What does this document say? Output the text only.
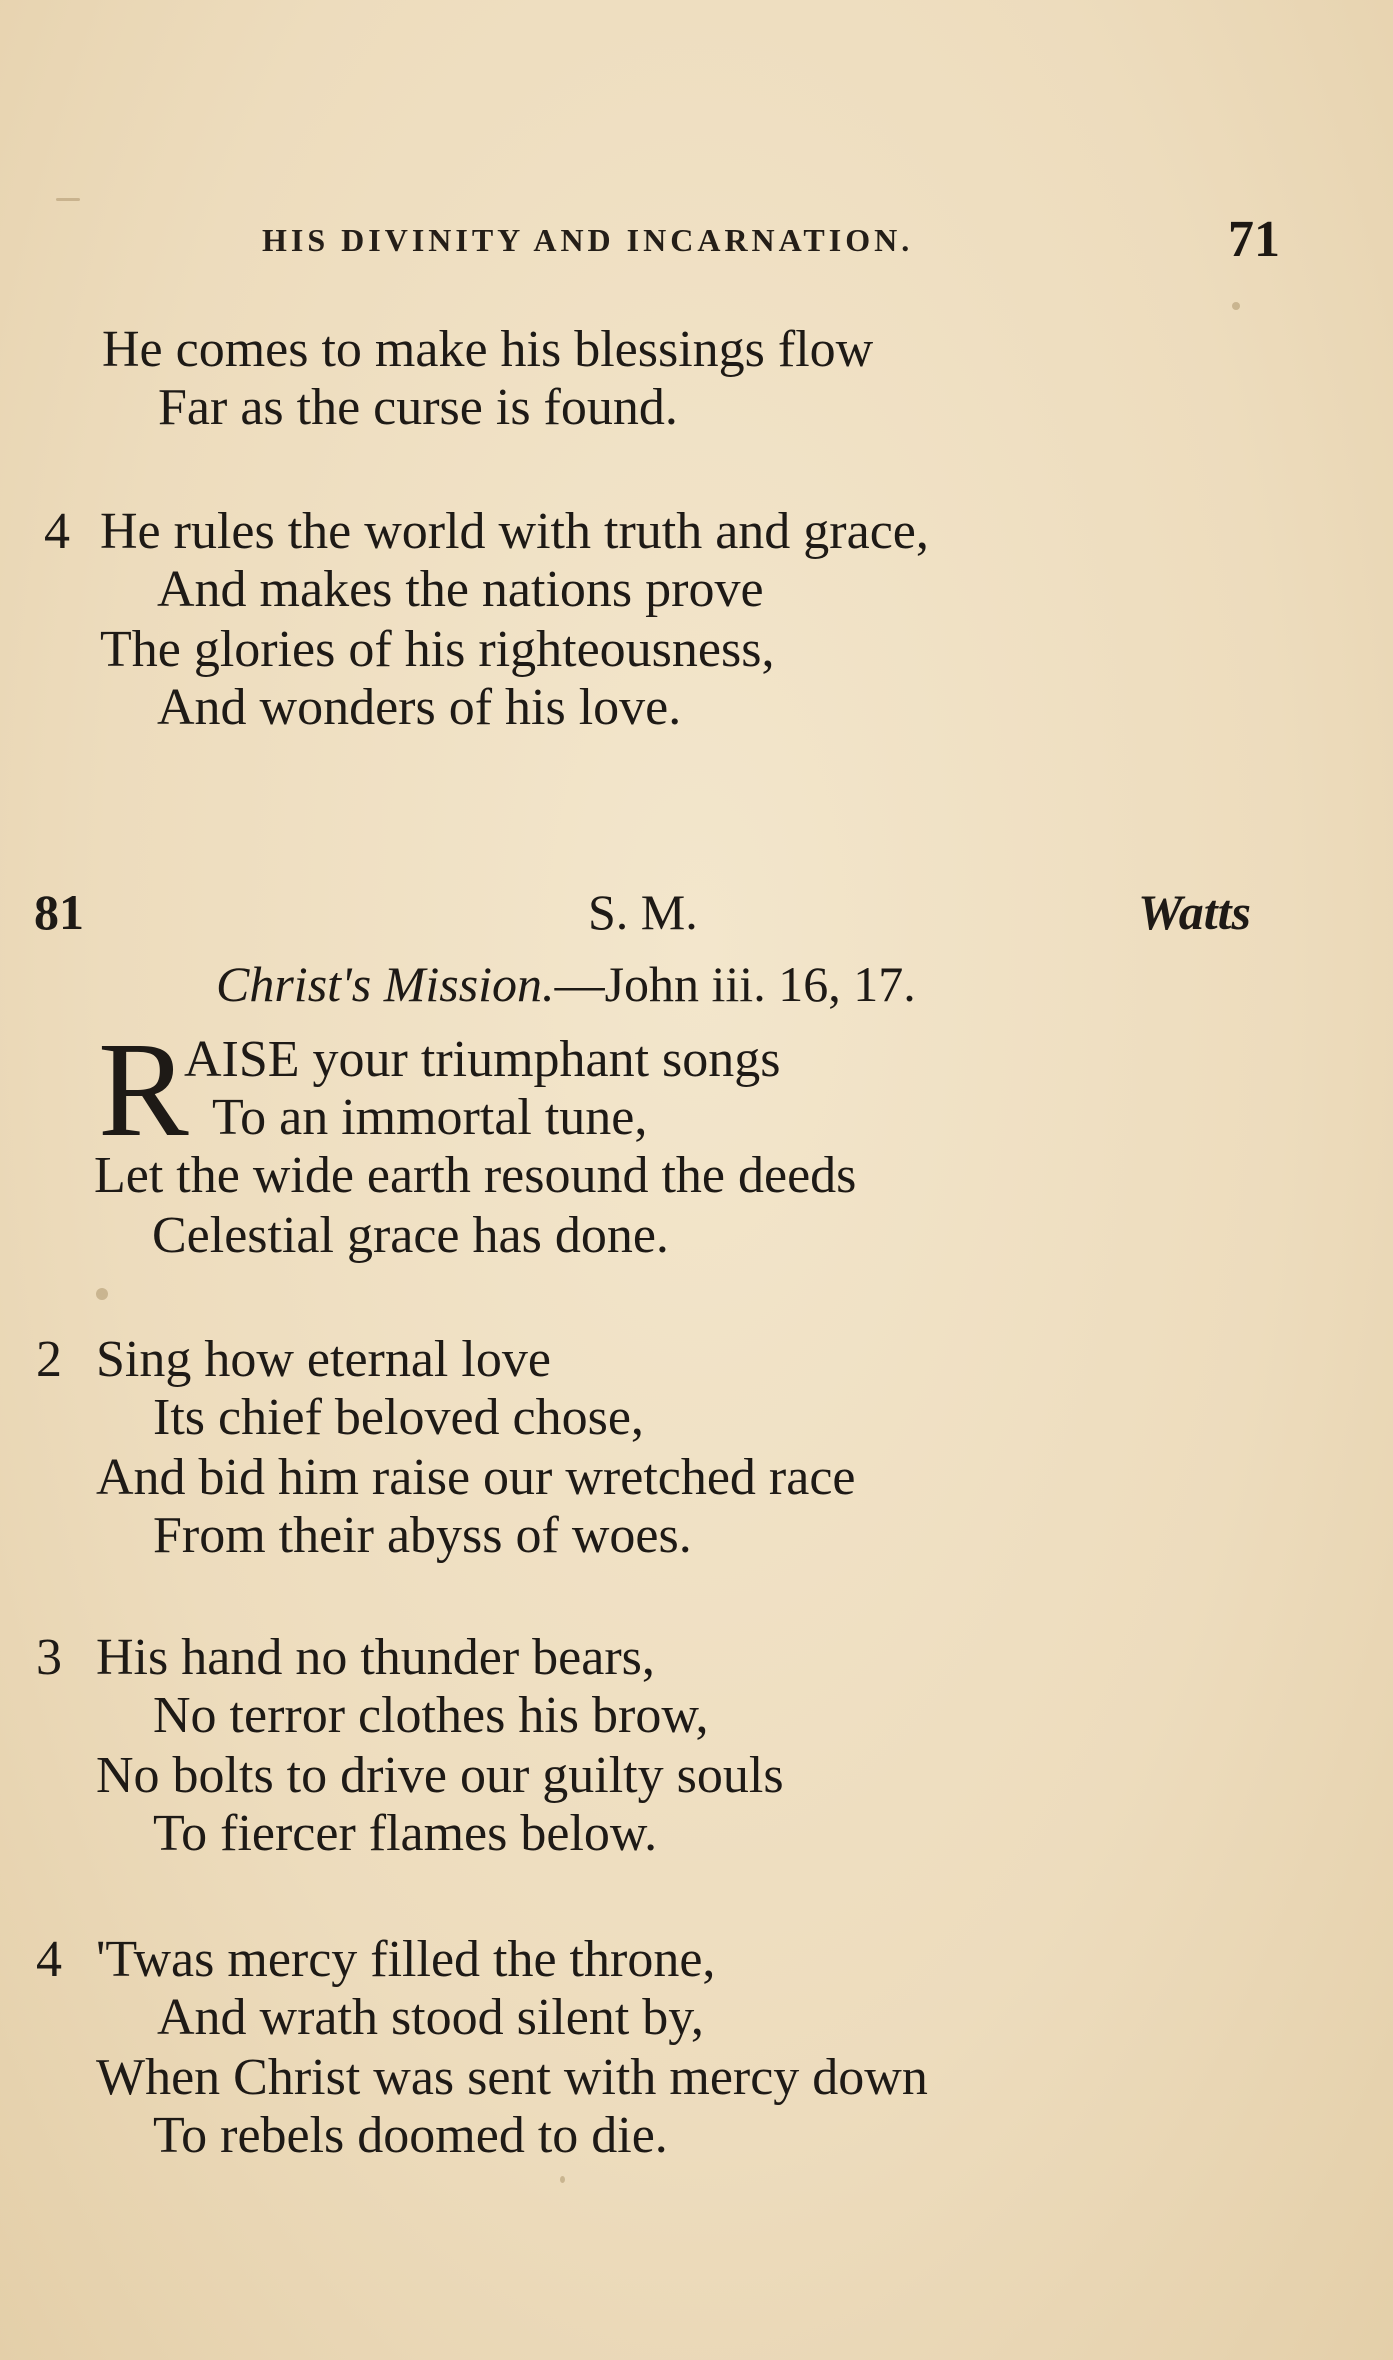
HIS DIVINITY AND INCARNATION.	71
He comes to make his blessings flow
Far as the curse is found.
4 He rules the world with truth and grace,
And makes the nations prove
The glories of his righteousness,
And wonders of his love.
81	S. M.	Watts
Christ's Mission.—John iii. 16, 17.
R
AISE your triumphant songs
To an immortal tune,
Let the wide earth resound the deeds
Celestial grace has done.
2 Sing how eternal love
Its chief beloved chose,
And bid him raise our wretched race
From their abyss of woes.
3 His hand no thunder bears,
No terror clothes his brow,
No bolts to drive our guilty souls
To fiercer flames below.
4 'Twas mercy filled the throne,
And wrath stood silent by,
When Christ was sent with mercy down
To rebels doomed to die.
